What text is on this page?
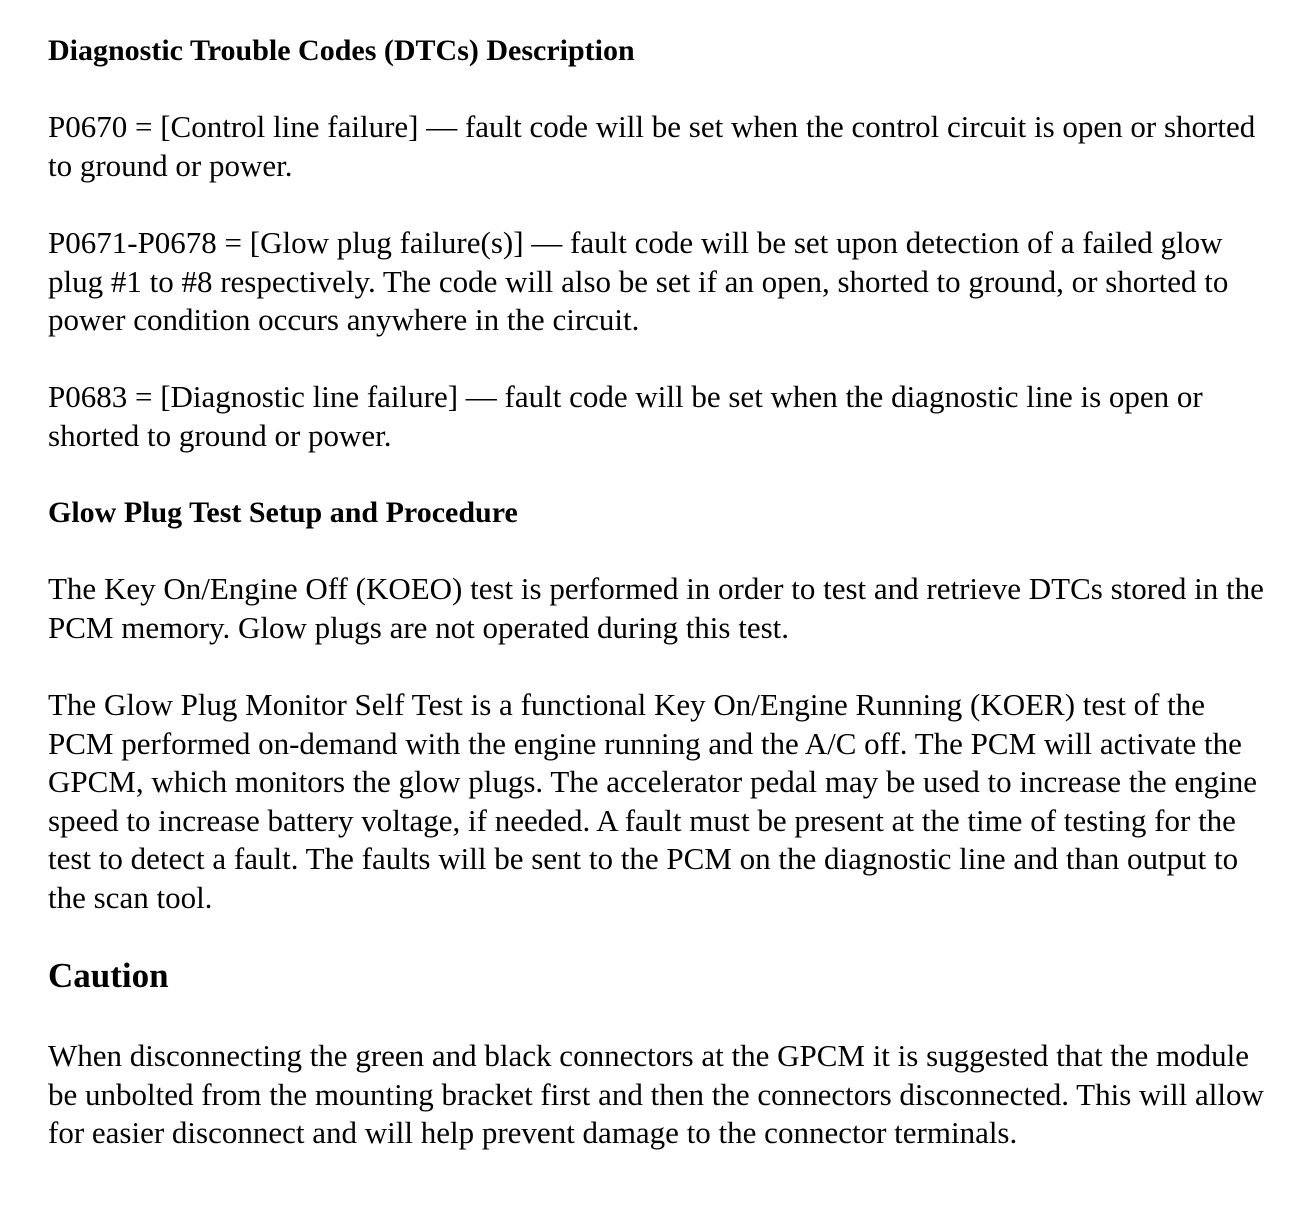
Diagnostic Trouble Codes (DTCs) Description

P0670 = [Control line failure] — fault code will be set when the control circuit is open or shorted to ground or power.

P0671-P0678 = [Glow plug failure(s)] — fault code will be set upon detection of a failed glow plug #1 to #8 respectively. The code will also be set if an open, shorted to ground, or shorted to power condition occurs anywhere in the circuit.

P0683 = [Diagnostic line failure] — fault code will be set when the diagnostic line is open or shorted to ground or power.

Glow Plug Test Setup and Procedure

The Key On/Engine Off (KOEO) test is performed in order to test and retrieve DTCs stored in the PCM memory. Glow plugs are not operated during this test.

The Glow Plug Monitor Self Test is a functional Key On/Engine Running (KOER) test of the PCM performed on-demand with the engine running and the A/C off. The PCM will activate the GPCM, which monitors the glow plugs. The accelerator pedal may be used to increase the engine speed to increase battery voltage, if needed. A fault must be present at the time of testing for the test to detect a fault. The faults will be sent to the PCM on the diagnostic line and than output to the scan tool.

Caution

When disconnecting the green and black connectors at the GPCM it is suggested that the module be unbolted from the mounting bracket first and then the connectors disconnected. This will allow for easier disconnect and will help prevent damage to the connector terminals.
